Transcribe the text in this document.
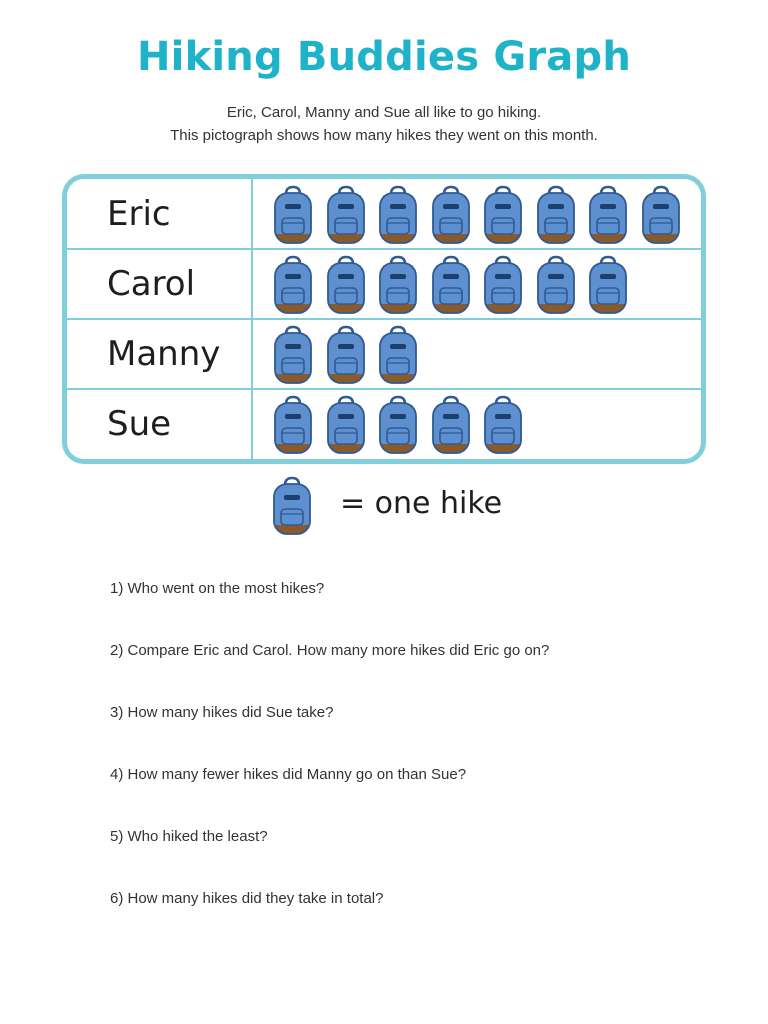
Hiking Buddies Graph
Eric, Carol, Manny and Sue all like to go hiking.
This pictograph shows how many hikes they went on this month.
Eric
Carol
Manny
Sue
= one hike
1) Who went on the most hikes?
2) Compare Eric and Carol. How many more hikes did Eric go on?
3) How many hikes did Sue take?
4) How many fewer hikes did Manny go on than Sue?
5) Who hiked the least?
6) How many hikes did they take in total?
